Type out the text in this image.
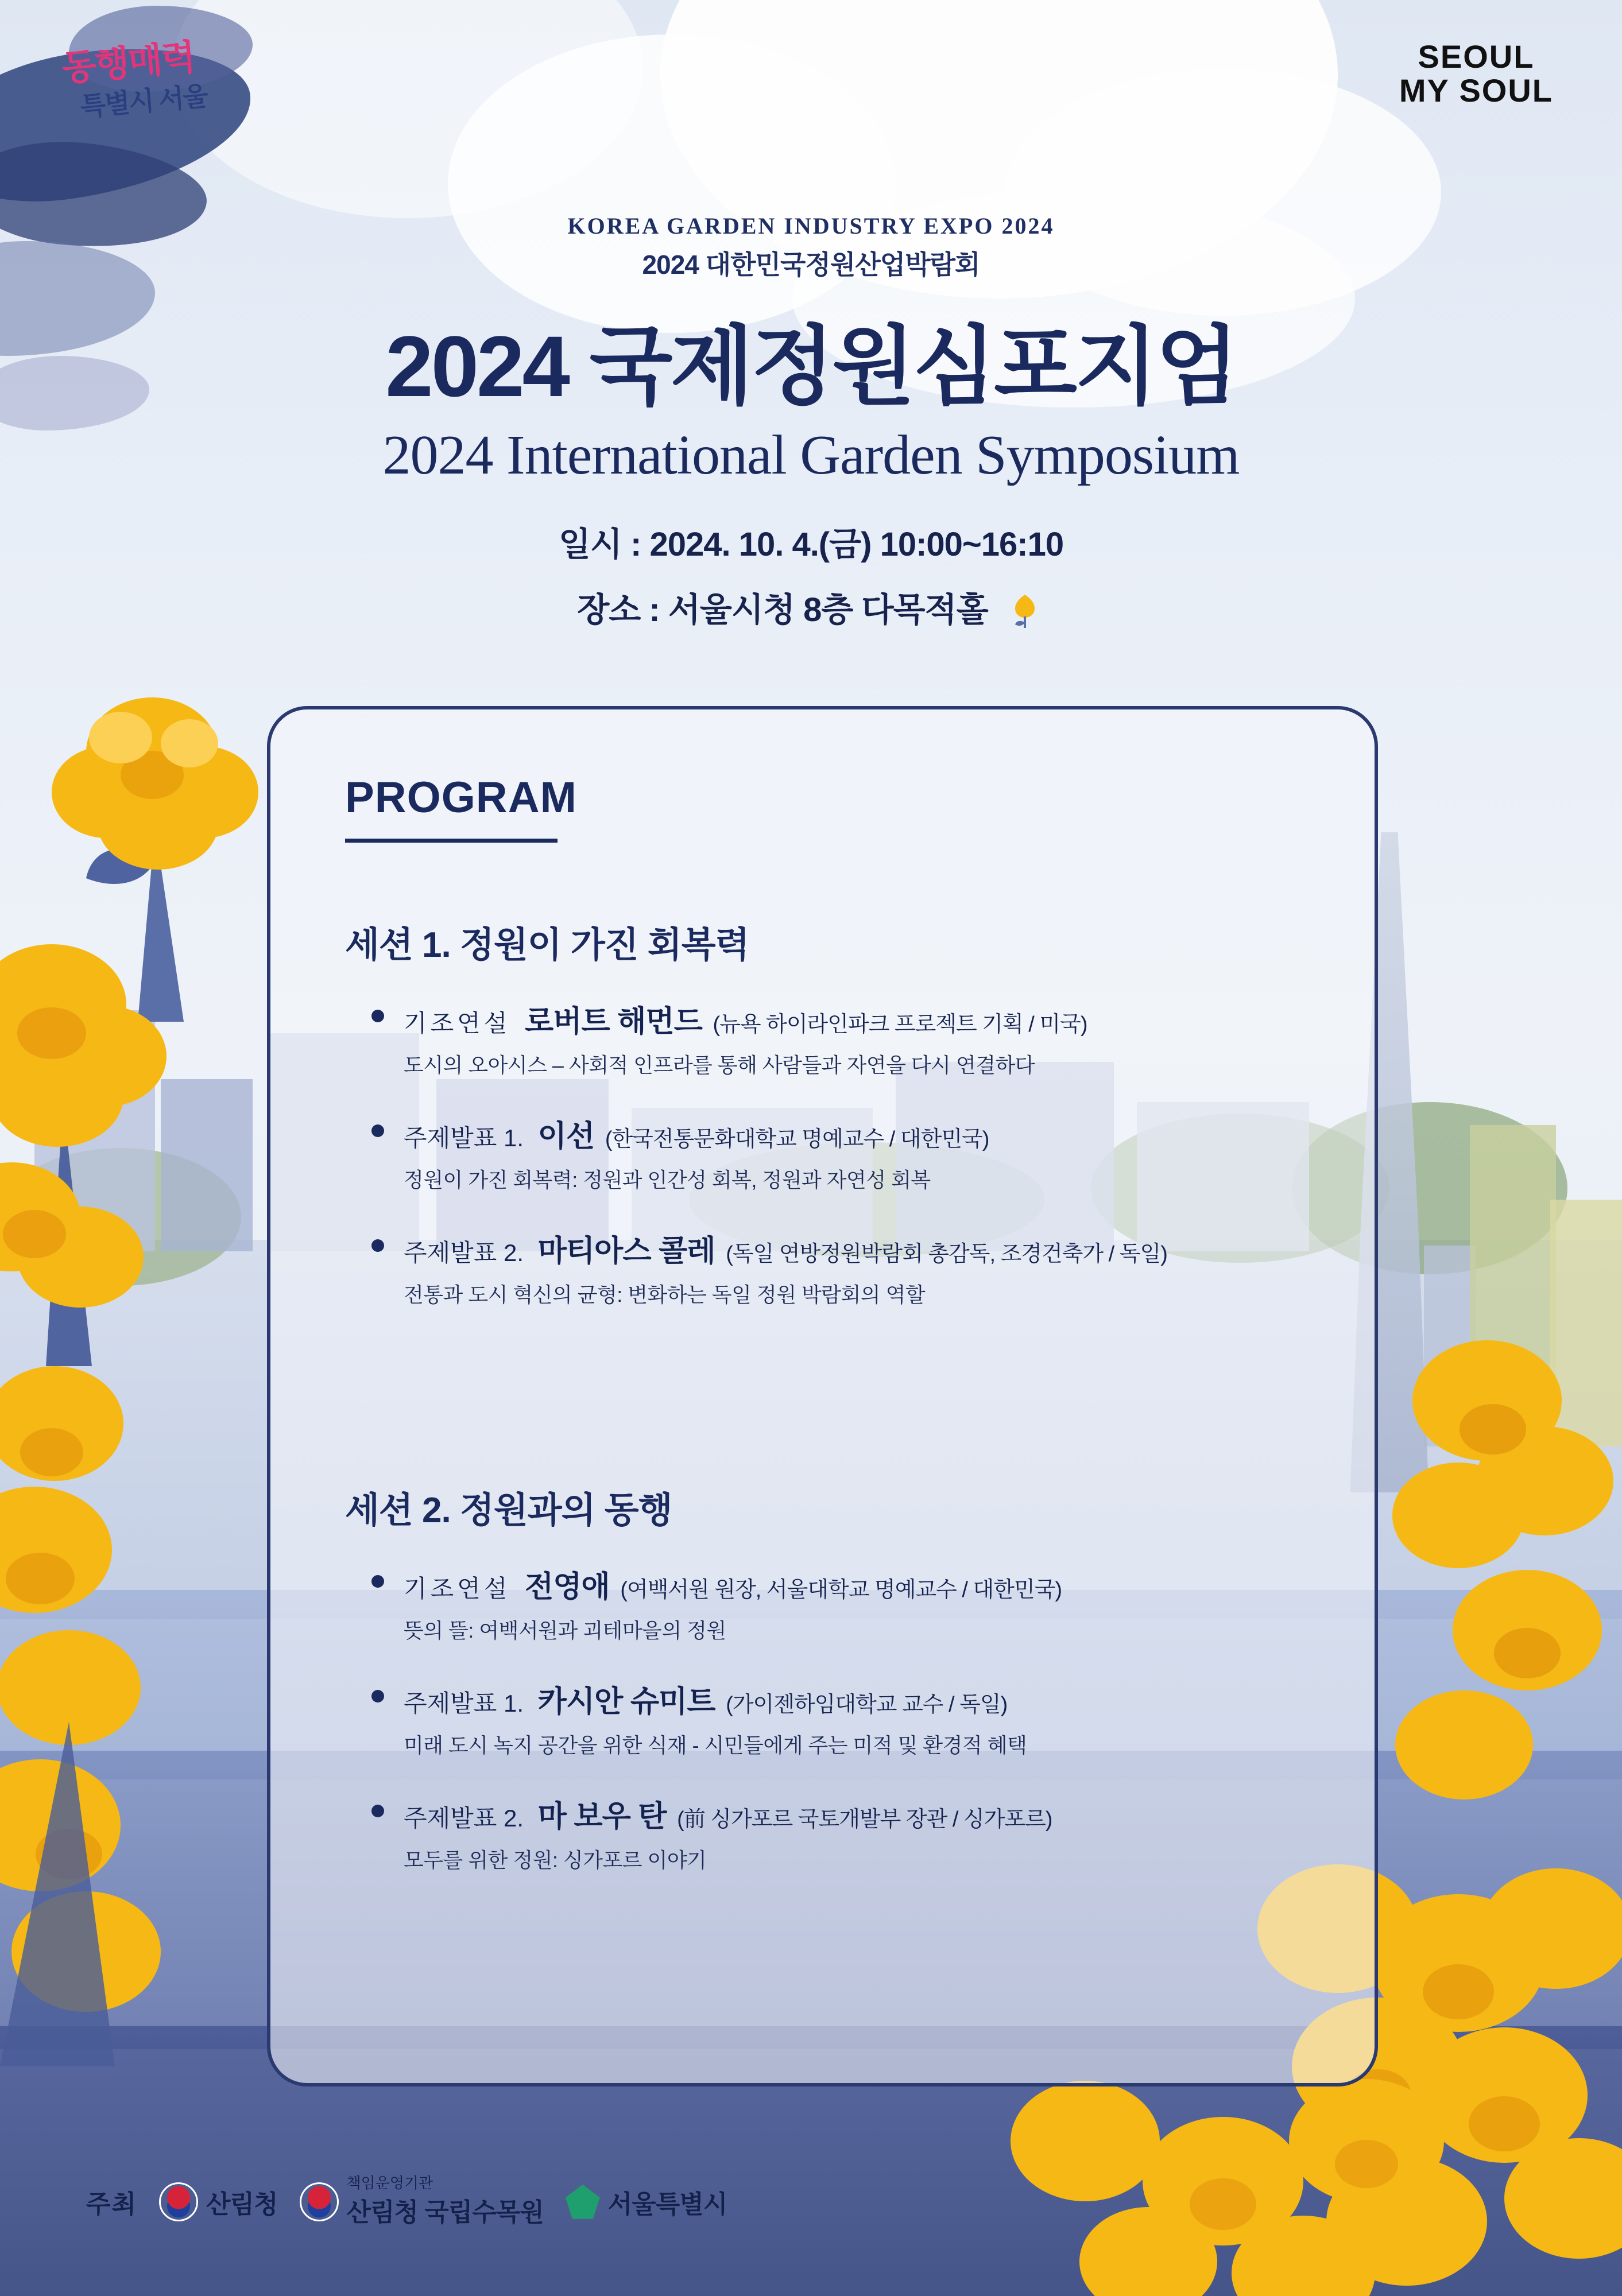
동행매력
특별시 서울
SEOUL
MY SOUL
KOREA GARDEN INDUSTRY EXPO 2024
2024 대한민국정원산업박람회
2024 국제정원심포지엄
2024 International Garden Symposium
일시 : 2024. 10. 4.(금) 10:00~16:10
장소 : 서울시청 8층 다목적홀
PROGRAM
세션 1. 정원이 가진 회복력
기조연설 로버트 해먼드 (뉴욕 하이라인파크 프로젝트 기획 / 미국)
도시의 오아시스 – 사회적 인프라를 통해 사람들과 자연을 다시 연결하다
주제발표 1. 이선 (한국전통문화대학교 명예교수 / 대한민국)
정원이 가진 회복력: 정원과 인간성 회복, 정원과 자연성 회복
주제발표 2. 마티아스 콜레 (독일 연방정원박람회 총감독, 조경건축가 / 독일)
전통과 도시 혁신의 균형: 변화하는 독일 정원 박람회의 역할
세션 2. 정원과의 동행
기조연설 전영애 (여백서원 원장, 서울대학교 명예교수 / 대한민국)
뜻의 뜰: 여백서원과 괴테마을의 정원
주제발표 1. 카시안 슈미트 (가이젠하임대학교 교수 / 독일)
미래 도시 녹지 공간을 위한 식재 - 시민들에게 주는 미적 및 환경적 혜택
주제발표 2. 마 보우 탄 (前 싱가포르 국토개발부 장관 / 싱가포르)
모두를 위한 정원: 싱가포르 이야기
주최	산림청
책임운영기관
산림청 국립수목원	서울특별시
